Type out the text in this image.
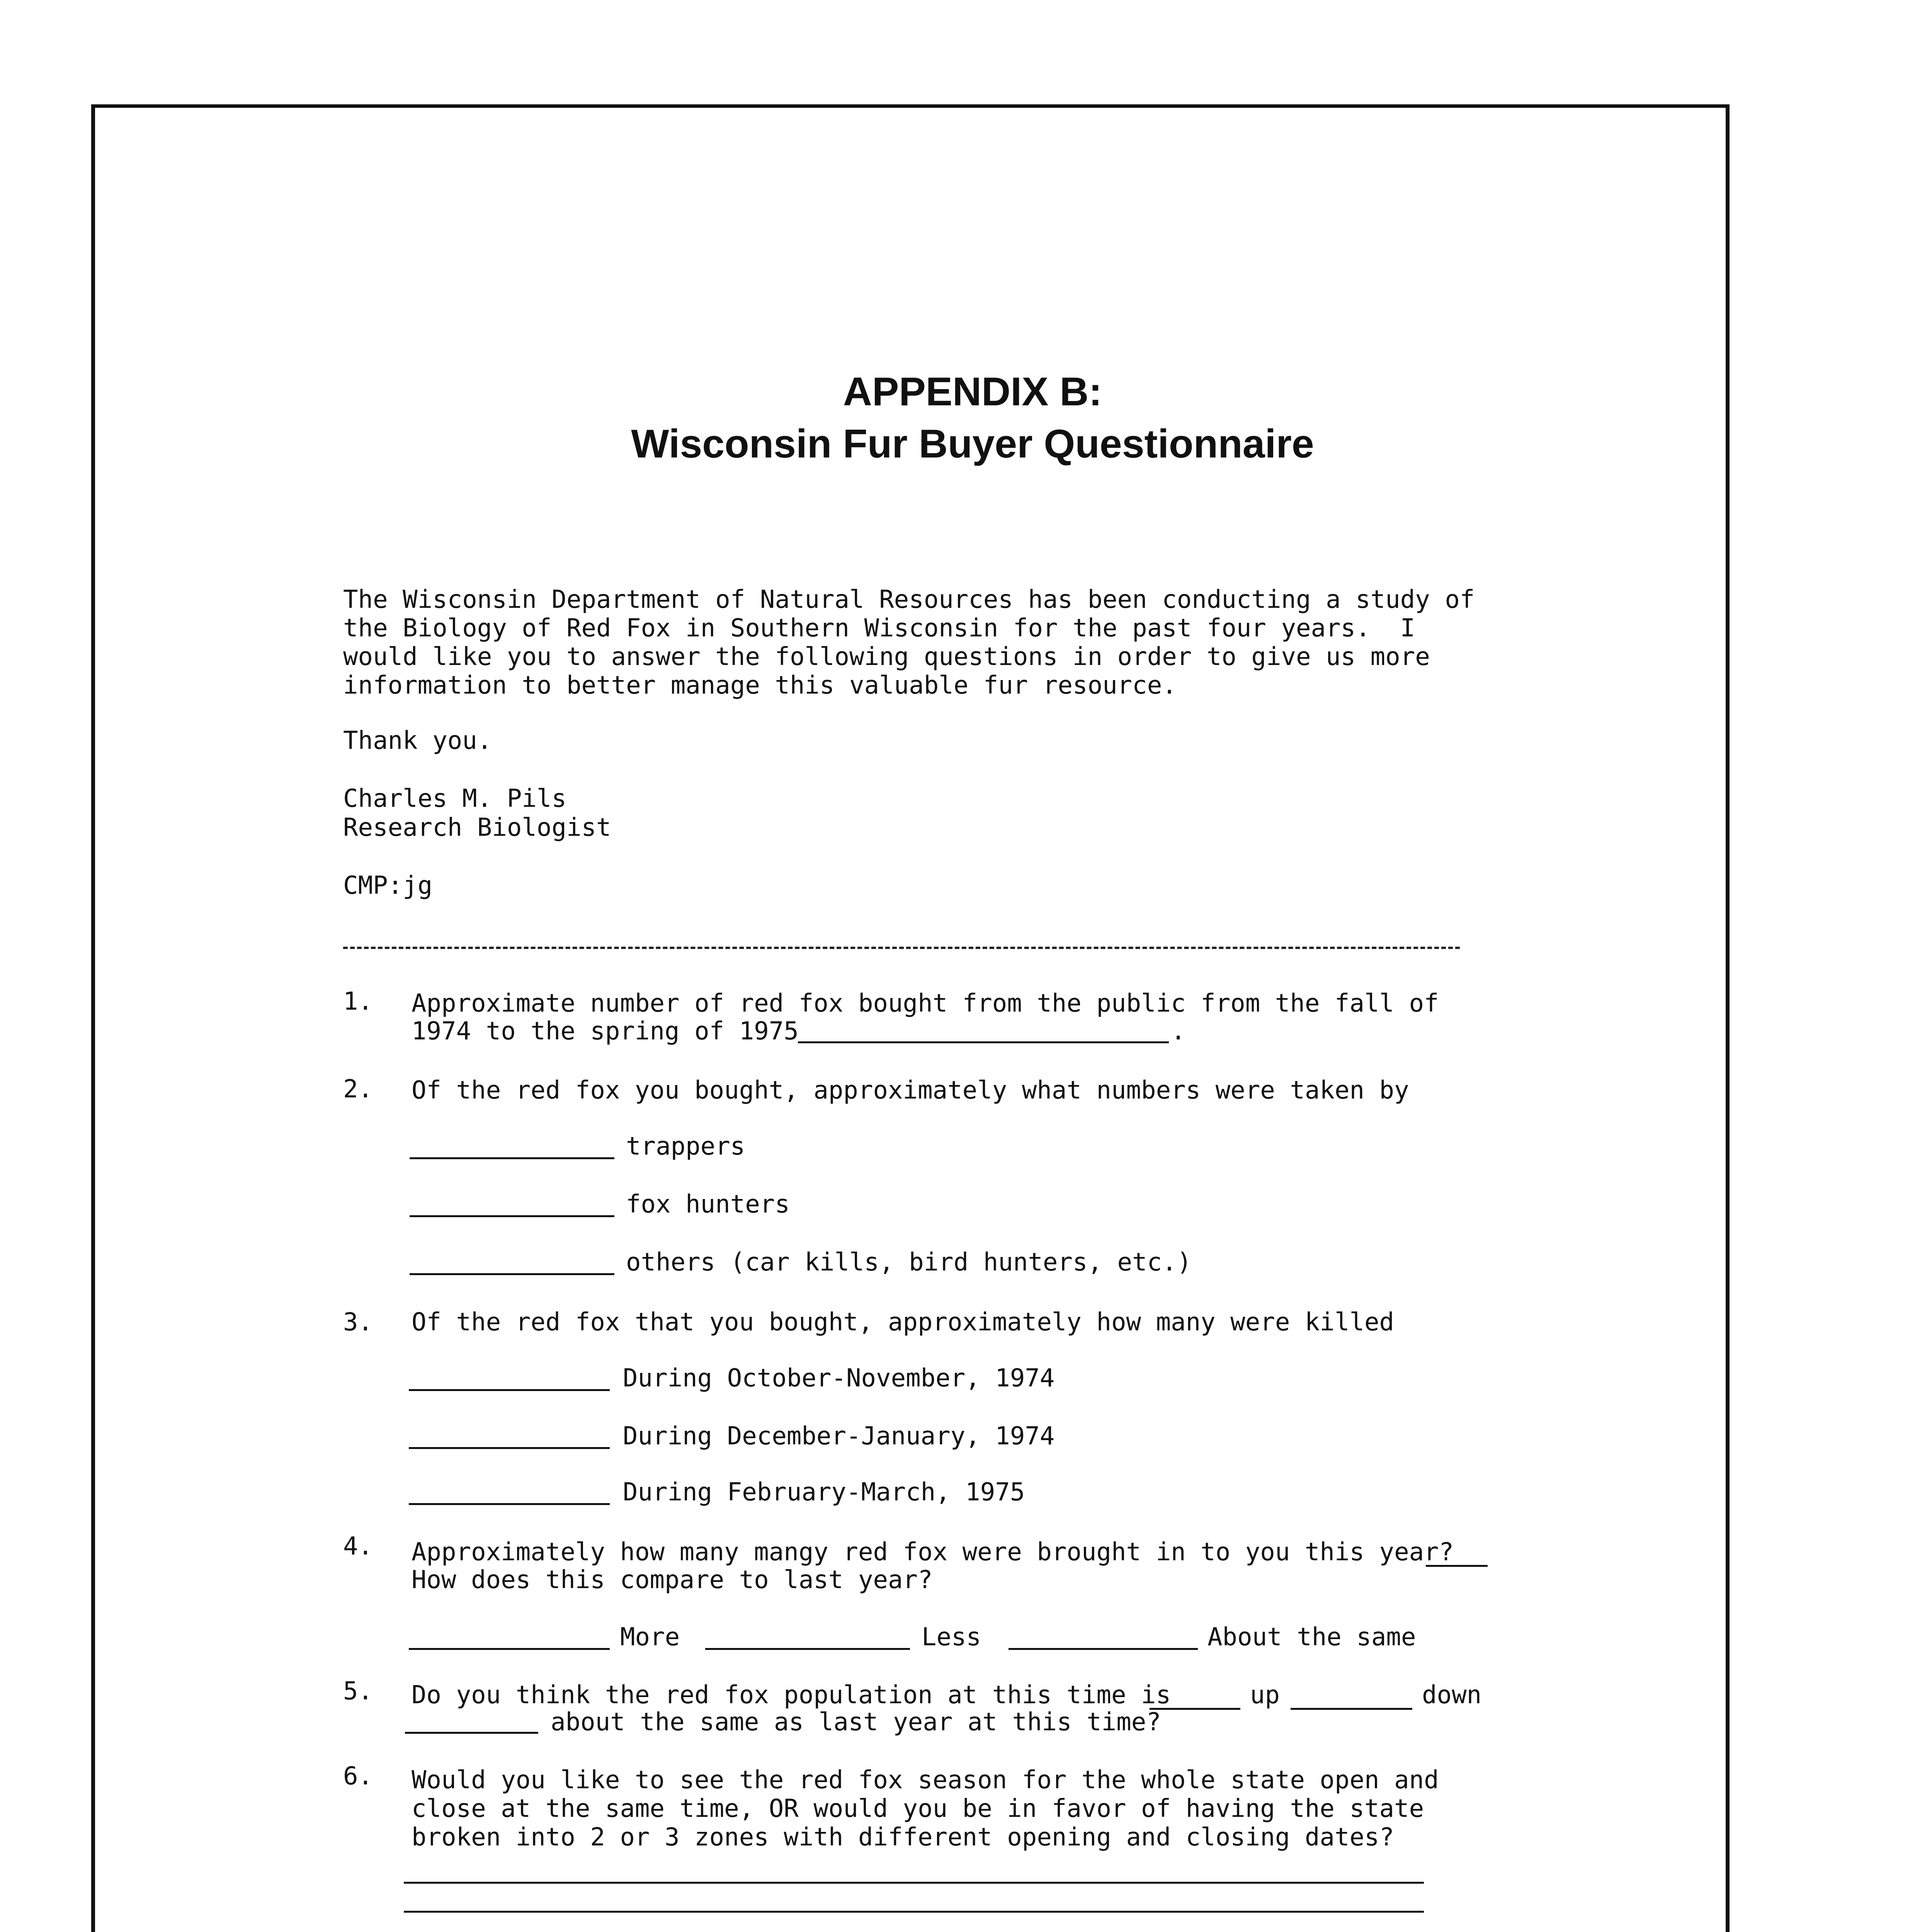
APPENDIX B:
Wisconsin Fur Buyer Questionnaire
The Wisconsin Department of Natural Resources has been conducting a study of
the Biology of Red Fox in Southern Wisconsin for the past four years.  I
would like you to answer the following questions in order to give us more
information to better manage this valuable fur resource.
Thank you.
Charles M. Pils
Research Biologist
CMP:jg
1. Approximate number of red fox bought from the public from the fall of
1974 to the spring of 1975	.
2. Of the red fox you bought, approximately what numbers were taken by
trappers
fox hunters
others (car kills, bird hunters, etc.)
3. Of the red fox that you bought, approximately how many were killed
During October-November, 1974
During December-January, 1974
During February-March, 1975
4. Approximately how many mangy red fox were brought in to you this year?
How does this compare to last year?
More	Less	About the same
5. Do you think the red fox population at this time is	up	down
about the same as last year at this time?
6. Would you like to see the red fox season for the whole state open and
close at the same time, OR would you be in favor of having the state
broken into 2 or 3 zones with different opening and closing dates?
